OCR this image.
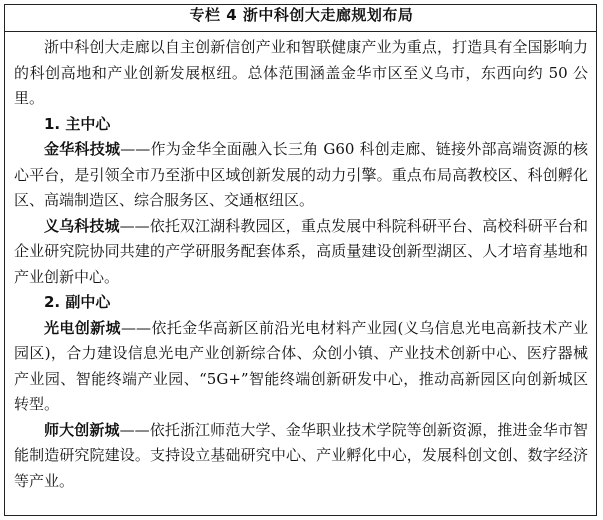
专栏 4 浙中科创大走廊规划布局

浙中科创大走廊以自主创新信创产业和智联健康产业为重点，打造具有全国影响力的科创高地和产业创新发展枢纽。总体范围涵盖金华市区至义乌市，东西向约 50 公里。

1. 主中心

金华科技城——作为金华全面融入长三角 G60 科创走廊、链接外部高端资源的核心平台，是引领全市乃至浙中区域创新发展的动力引擎。重点布局高教校区、科创孵化区、高端制造区、综合服务区、交通枢纽区。

义乌科技城——依托双江湖科教园区，重点发展中科院科研平台、高校科研平台和企业研究院协同共建的产学研服务配套体系，高质量建设创新型湖区、人才培育基地和产业创新中心。

2. 副中心

光电创新城——依托金华高新区前沿光电材料产业园(义乌信息光电高新技术产业园区)，合力建设信息光电产业创新综合体、众创小镇、产业技术创新中心、医疗器械产业园、智能终端产业园、“5G+”智能终端创新研发中心，推动高新园区向创新城区转型。

师大创新城——依托浙江师范大学、金华职业技术学院等创新资源，推进金华市智能制造研究院建设。支持设立基础研究中心、产业孵化中心，发展科创文创、数字经济等产业。
